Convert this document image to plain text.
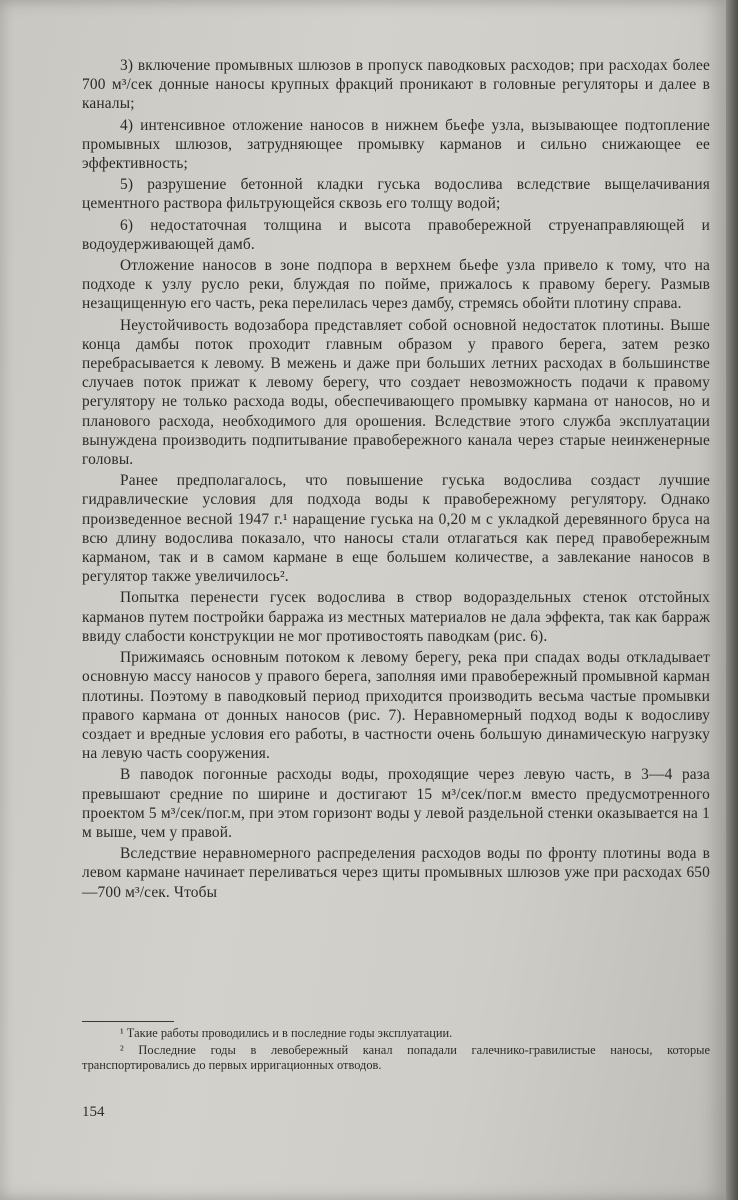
3) включение промывных шлюзов в пропуск паводковых расходов; при расходах более 700 м³/сек донные наносы крупных фракций проникают в головные регуляторы и далее в каналы;

4) интенсивное отложение наносов в нижнем бьефе узла, вызывающее подтопление промывных шлюзов, затрудняющее промывку карманов и сильно снижающее ее эффективность;

5) разрушение бетонной кладки гуська водослива вследствие выщелачивания цементного раствора фильтрующейся сквозь его толщу водой;

6) недостаточная толщина и высота правобережной струенаправляющей и водоудерживающей дамб.

Отложение наносов в зоне подпора в верхнем бьефе узла привело к тому, что на подходе к узлу русло реки, блуждая по пойме, прижалось к правому берегу. Размыв незащищенную его часть, река перелилась через дамбу, стремясь обойти плотину справа.

Неустойчивость водозабора представляет собой основной недостаток плотины. Выше конца дамбы поток проходит главным образом у правого берега, затем резко перебрасывается к левому. В межень и даже при больших летних расходах в большинстве случаев поток прижат к левому берегу, что создает невозможность подачи к правому регулятору не только расхода воды, обеспечивающего промывку кармана от наносов, но и планового расхода, необходимого для орошения. Вследствие этого служба эксплуатации вынуждена производить подпитывание правобережного канала через старые неинженерные головы.

Ранее предполагалось, что повышение гуська водослива создаст лучшие гидравлические условия для подхода воды к правобережному регулятору. Однако произведенное весной 1947 г.¹ наращение гуська на 0,20 м с укладкой деревянного бруса на всю длину водослива показало, что наносы стали отлагаться как перед правобережным карманом, так и в самом кармане в еще большем количестве, а завлекание наносов в регулятор также увеличилось².

Попытка перенести гусек водослива в створ водораздельных стенок отстойных карманов путем постройки барража из местных материалов не дала эффекта, так как барраж ввиду слабости конструкции не мог противостоять паводкам (рис. 6).

Прижимаясь основным потоком к левому берегу, река при спадах воды откладывает основную массу наносов у правого берега, заполняя ими правобережный промывной карман плотины. Поэтому в паводковый период приходится производить весьма частые промывки правого кармана от донных наносов (рис. 7). Неравномерный подход воды к водосливу создает и вредные условия его работы, в частности очень большую динамическую нагрузку на левую часть сооружения.

В паводок погонные расходы воды, проходящие через левую часть, в 3—4 раза превышают средние по ширине и достигают 15 м³/сек/пог.м вместо предусмотренного проектом 5 м³/сек/пог.м, при этом горизонт воды у левой раздельной стенки оказывается на 1 м выше, чем у правой.

Вследствие неравномерного распределения расходов воды по фронту плотины вода в левом кармане начинает переливаться через щиты промывных шлюзов уже при расходах 650—700 м³/сек. Чтобы

¹ Такие работы проводились и в последние годы эксплуатации.

² Последние годы в левобережный канал попадали галечнико-гравилистые наносы, которые транспортировались до первых ирригационных отводов.

154
